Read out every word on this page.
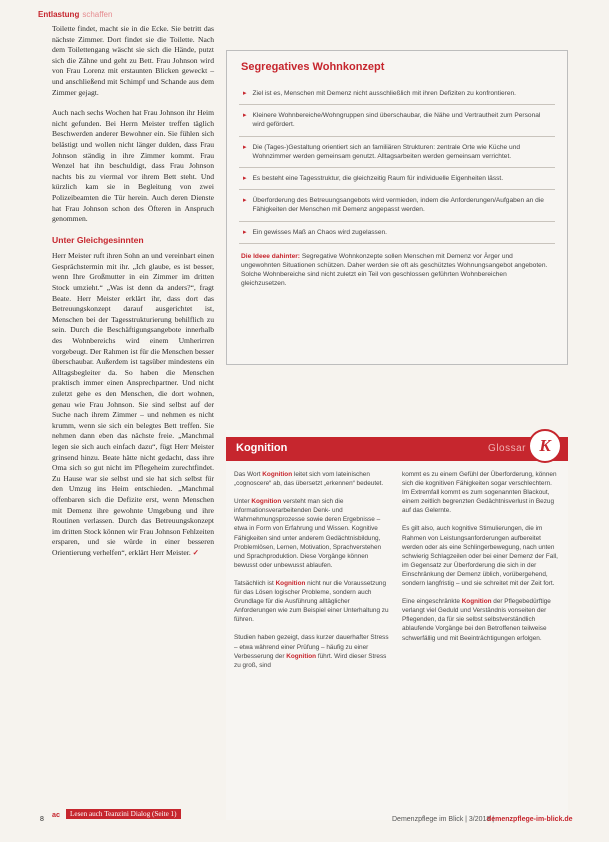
Entlastung schaffen

Toilette findet, macht sie in die Ecke. Sie betritt das nächste Zimmer. Dort findet sie die Toilette. Nach dem Toilettengang wäscht sie sich die Hände, putzt sich die Zähne und geht zu Bett. Frau Johnson wird von Frau Lorenz mit erstaunten Blicken geweckt – und anschließend mit Schimpf und Schande aus dem Zimmer gejagt.

Auch nach sechs Wochen hat Frau Johnson ihr Heim nicht gefunden. Bei Herrn Meister treffen täglich Beschwerden anderer Bewohner ein. Sie fühlen sich belästigt und wollen nicht länger dulden, dass Frau Johnson ständig in ihre Zimmer kommt. Frau Wenzel hat ihn beschuldigt, dass Frau Johnson nachts bis zu viermal vor ihrem Bett steht. Und kürzlich kam sie in Begleitung von zwei Polizeibeamten die Tür herein. Auch deren Dienste hat Frau Johnson schon des Öfteren in Anspruch genommen.

Unter Gleichgesinnten

Herr Meister ruft ihren Sohn an und vereinbart einen Gesprächstermin mit ihr. „Ich glaube, es ist besser, wenn Ihre Großmutter in ein Zimmer im dritten Stock umzieht.“ „Was ist denn da anders?“, fragt Beate. Herr Meister erklärt ihr, dass dort das Betreuungskonzept darauf ausgerichtet ist, Menschen bei der Tagesstrukturierung behilflich zu sein. Durch die Beschäftigungsangebote innerhalb des Wohnbereichs wird einem Umherirren vorgebeugt. Der Rahmen ist für die Menschen besser überschaubar. Außerdem ist tagsüber mindestens ein Alltagsbegleiter da. So haben die Menschen praktisch immer einen Ansprechpartner. Und nicht zuletzt gehe es den Menschen, die dort wohnen, genau wie Frau Johnson. Sie sind selbst auf der Suche nach ihrem Zimmer – und nehmen es nicht krumm, wenn sie sich ein belegtes Bett treffen. Sie nehmen dann eben das nächste freie. „Manchmal legen sie sich auch einfach dazu“, fügt Herr Meister grinsend hinzu. Beate hätte nicht gedacht, dass ihre Oma sich so gut nicht im Pflegeheim zurechtfindet. Zu Hause war sie selbst und sie hat sich selbst für den Umzug ins Heim entschieden. „Manchmal offenbaren sich die Defizite erst, wenn Menschen mit Demenz ihre gewohnte Umgebung und ihre Routinen verlassen. Durch das Betreuungskonzept im dritten Stock können wir Frau Johnson Fehlzeiten ersparen, und sie würde in einer besseren Orientierung verhelfen“, erklärt Herr Meister. ✓

ac	Lesen auch Teanzini Dialog (Seite 1)
Segregatives Wohnkonzept
▸ Ziel ist es, Menschen mit Demenz nicht ausschließlich mit ihren Defiziten zu konfrontieren.
▸ Kleinere Wohnbereiche/Wohngruppen sind überschaubar, die Nähe und Vertrautheit zum Personal wird gefördert.
▸ Die (Tages-)Gestaltung orientiert sich an familiären Strukturen: zentrale Orte wie Küche und Wohnzimmer werden gemeinsam genutzt. Alltagsarbeiten werden gemeinsam verrichtet.
▸ Es besteht eine Tagesstruktur, die gleichzeitig Raum für individuelle Eigenheiten lässt.
▸ Überforderung des Betreuungsangebots wird vermieden, indem die Anforderungen/Aufgaben an die Fähigkeiten der Menschen mit Demenz angepasst werden.
▸ Ein gewisses Maß an Chaos wird zugelassen.
Die Ideee dahinter: Segregative Wohnkonzepte sollen Menschen mit Demenz vor Ärger und ungewohnten Situationen schützen. Daher werden sie oft als geschütztes Wohnungsangebot angeboten. Solche Wohnbereiche sind nicht zuletzt ein Teil von geschlossen geführten Wohnbereichen gleichzusetzen.
Kognition	Glossar K

Das Wort Kognition leitet sich vom lateinischen „cognoscere“ ab, das übersetzt „erkennen“ bedeutet.

Unter Kognition versteht man sich die informationsverarbeitenden Denk- und Wahrnehmungsprozesse sowie deren Ergebnisse – etwa in Form von Erfahrung und Wissen. Kognitive Fähigkeiten sind unter anderem Gedächtnisbildung, Problemlösen, Lernen, Motivation, Sprachverstehen und Sprachproduktion. Diese Vorgänge können bewusst oder unbewusst ablaufen.

Tatsächlich ist Kognition nicht nur die Voraussetzung für das Lösen logischer Probleme, sondern auch Grundlage für die Ausführung alltäglicher Anforderungen wie zum Beispiel einer Unterhaltung zu führen.

Studien haben gezeigt, dass kurzer dauerhafter Stress – etwa während einer Prüfung – häufig zu einer Verbesserung der Kognition führt. Wird dieser Stress zu groß, sind

kommt es zu einem Gefühl der Überforderung, können sich die kognitiven Fähigkeiten sogar verschlechtern. Im Extremfall kommt es zum sogenannten Blackout, einem zeitlich begrenzten Gedächtnisverlust in Bezug auf das Gelernte.

Es gilt also, auch kognitive Stimulierungen, die im Rahmen von Leistungsanforderungen aufbereitet werden oder als eine Schlingerbewegung, nach unten schwierig Schlagzeilen oder bei einer Demenz der Fall, im Gegensatz zur Überforderung die sich in der Einschränkung der Demenz üblich, vorübergehend, sondern langfristig – und sie schreitet mit der Zeit fort.

Eine eingeschränkte Kognition der Pflegebedürftige verlangt viel Geduld und Verständnis vonseiten der Pflegenden, da für sie selbst selbstverständlich ablaufende Vorgänge bei den Betroffenen teilweise schwerfällig und mit Beeinträchtigungen erfolgen.

8	Demenzpflege im Blick | 3/2018 |
demenzpflege-im-blick.de
